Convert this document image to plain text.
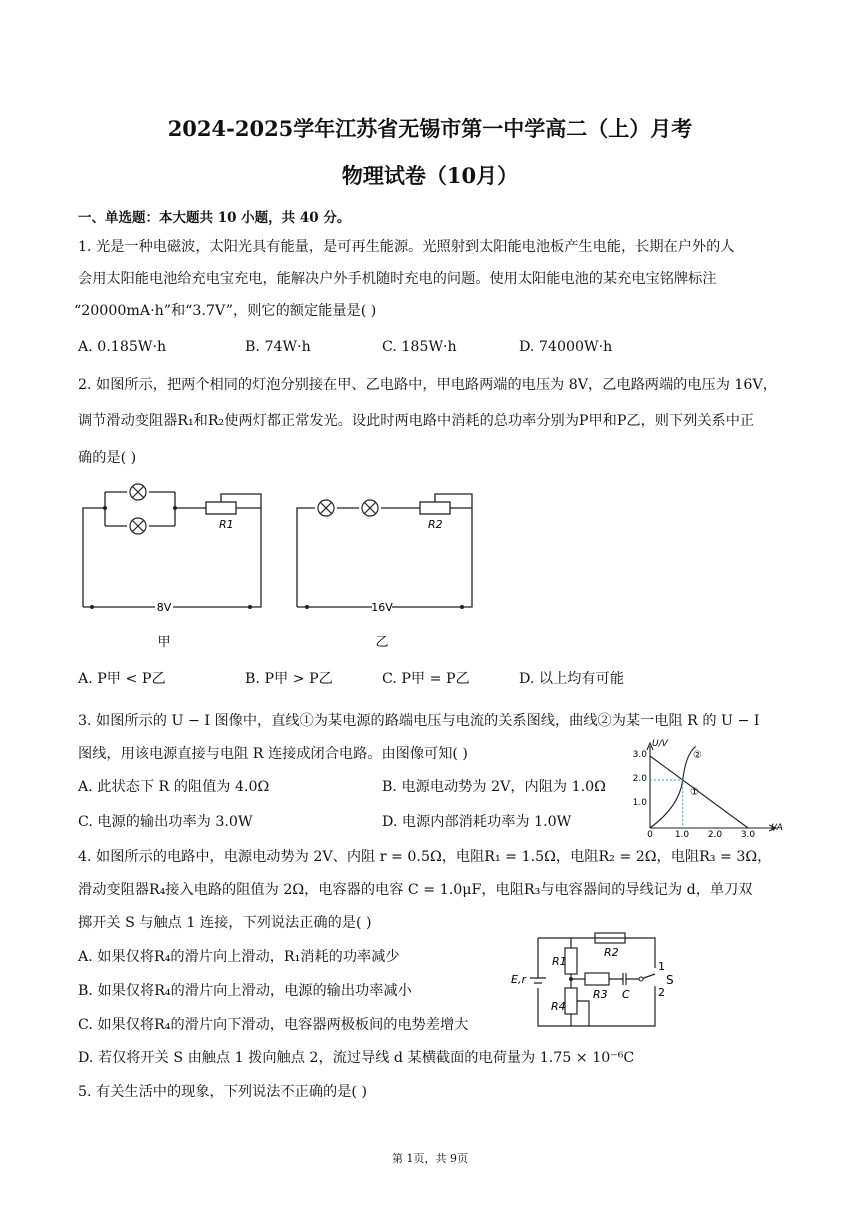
2024-2025学年江苏省无锡市第一中学高二（上）月考
物理试卷（10月）
一、单选题：本大题共 10 小题，共 40 分。
1. 光是一种电磁波，太阳光具有能量，是可再生能源。光照射到太阳能电池板产生电能，长期在户外的人
会用太阳能电池给充电宝充电，能解决户外手机随时充电的问题。使用太阳能电池的某充电宝铭牌标注
“20000mA·h”和“3.7V”，则它的额定能量是( )
A. 0.185W·h	B. 74W·h	C. 185W·h	D. 74000W·h
2. 如图所示，把两个相同的灯泡分别接在甲、乙电路中，甲电路两端的电压为 8V，乙电路两端的电压为 16V，
调节滑动变阻器R₁和R₂使两灯都正常发光。设此时两电路中消耗的总功率分别为P甲和P乙，则下列关系中正
确的是( )
R1	R2
8V	16V
甲	乙
A. P甲 < P乙	B. P甲 > P乙	C. P甲 = P乙	D. 以上均有可能
3. 如图所示的 U − I 图像中，直线①为某电源的路端电压与电流的关系图线，曲线②为某一电阻 R 的 U − I
图线，用该电源直接与电阻 R 连接成闭合电路。由图像可知( )
A. 此状态下 R 的阻值为 4.0Ω	B. 电源电动势为 2V，内阻为 1.0Ω
C. 电源的输出功率为 3.0W	D. 电源内部消耗功率为 1.0W
U/V
I/A
3.0
2.0
1.0
0 1.0 2.0 3.0
②
①
4. 如图所示的电路中，电源电动势为 2V、内阻 r = 0.5Ω，电阻R₁ = 1.5Ω，电阻R₂ = 2Ω，电阻R₃ = 3Ω，
滑动变阻器R₄接入电路的阻值为 2Ω，电容器的电容 C = 1.0μF，电阻R₃与电容器间的导线记为 d，单刀双
掷开关 S 与触点 1 连接，下列说法正确的是( )
A. 如果仅将R₄的滑片向上滑动，R₁消耗的功率减少
B. 如果仅将R₄的滑片向上滑动，电源的输出功率减小
C. 如果仅将R₄的滑片向下滑动，电容器两极板间的电势差增大
D. 若仅将开关 S 由触点 1 拨向触点 2，流过导线 d 某横截面的电荷量为 1.75 × 10⁻⁶C
E,r
R1
R2
R3
R4
C
S
1
2
5. 有关生活中的现象，下列说法不正确的是( )
第 1页，共 9页
